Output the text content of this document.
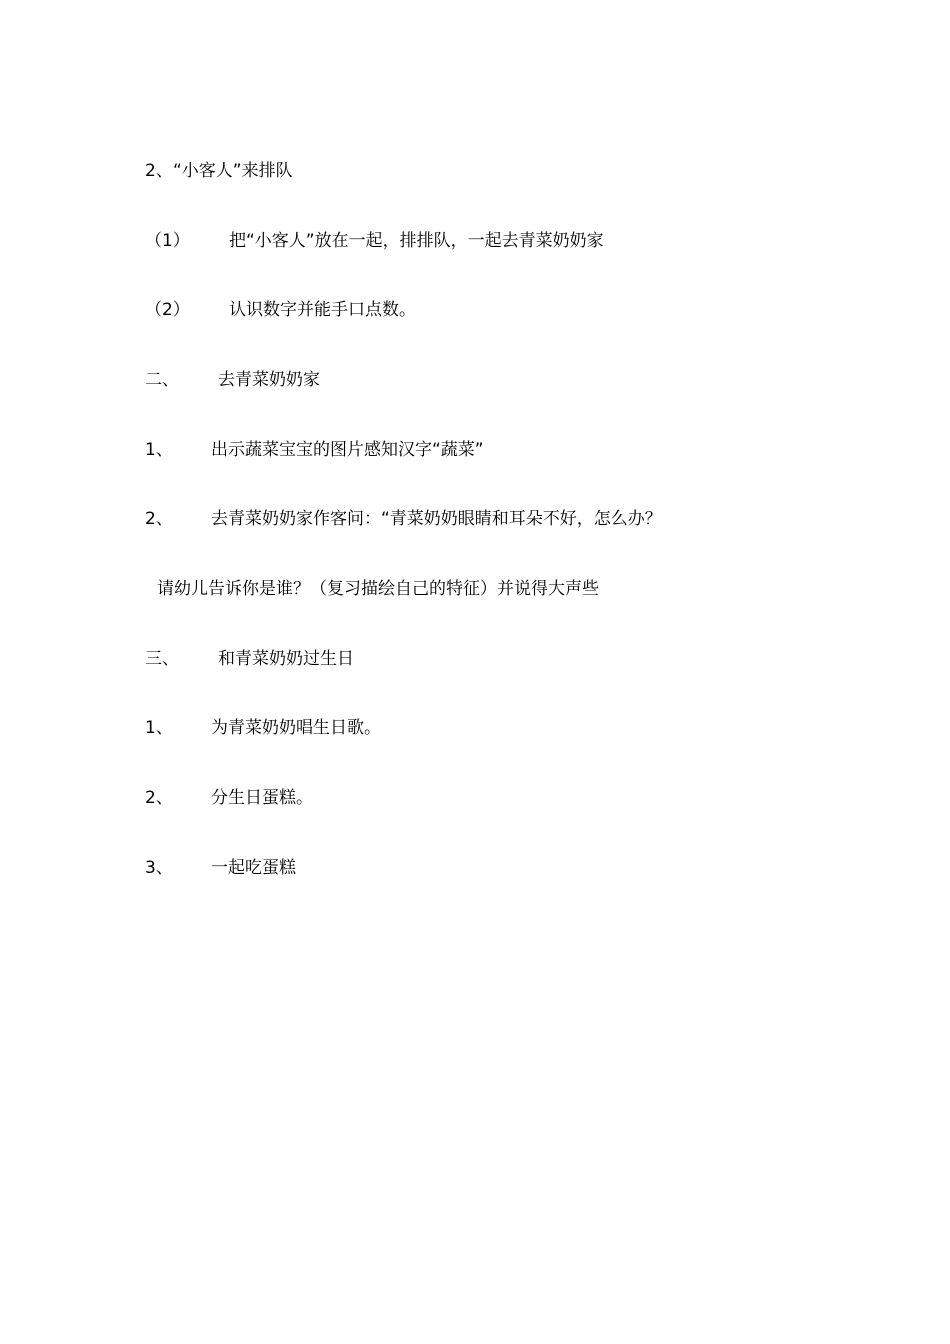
2、 “小客人”来排队
（1） 把“小客人”放在一起，排排队，一起去青菜奶奶家
（2） 认识数字并能手口点数。
二、 去青菜奶奶家
1、 出示蔬菜宝宝的图片感知汉字“蔬菜”
2、 去青菜奶奶家作客问：“青菜奶奶眼睛和耳朵不好，怎么办？
请幼儿告诉你是谁？（复习描绘自己的特征）并说得大声些
三、 和青菜奶奶过生日
1、 为青菜奶奶唱生日歌。
2、 分生日蛋糕。
3、 一起吃蛋糕
